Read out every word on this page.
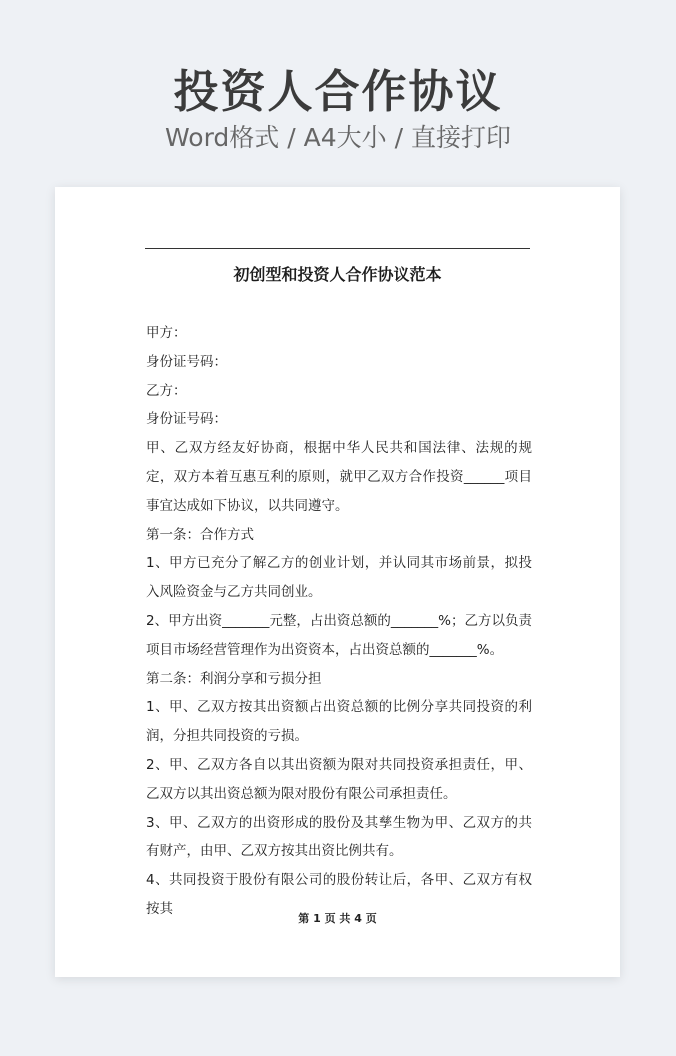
投资人合作协议
Word格式 / A4大小 / 直接打印
初创型和投资人合作协议范本

甲方：

身份证号码：

乙方：

身份证号码：

甲、乙双方经友好协商，根据中华人民共和国法律、法规的规定，双方本着互惠互利的原则，就甲乙双方合作投资______项目事宜达成如下协议，以共同遵守。

第一条：合作方式

1、甲方已充分了解乙方的创业计划，并认同其市场前景，拟投入风险资金与乙方共同创业。

2、甲方出资_______元整，占出资总额的_______%；乙方以负责项目市场经营管理作为出资资本，占出资总额的_______%。

第二条：利润分享和亏损分担

1、甲、乙双方按其出资额占出资总额的比例分享共同投资的利润，分担共同投资的亏损。

2、甲、乙双方各自以其出资额为限对共同投资承担责任，甲、乙双方以其出资总额为限对股份有限公司承担责任。

3、甲、乙双方的出资形成的股份及其孳生物为甲、乙双方的共有财产，由甲、乙双方按其出资比例共有。

4、共同投资于股份有限公司的股份转让后，各甲、乙双方有权按其

第 1 页 共 4 页
